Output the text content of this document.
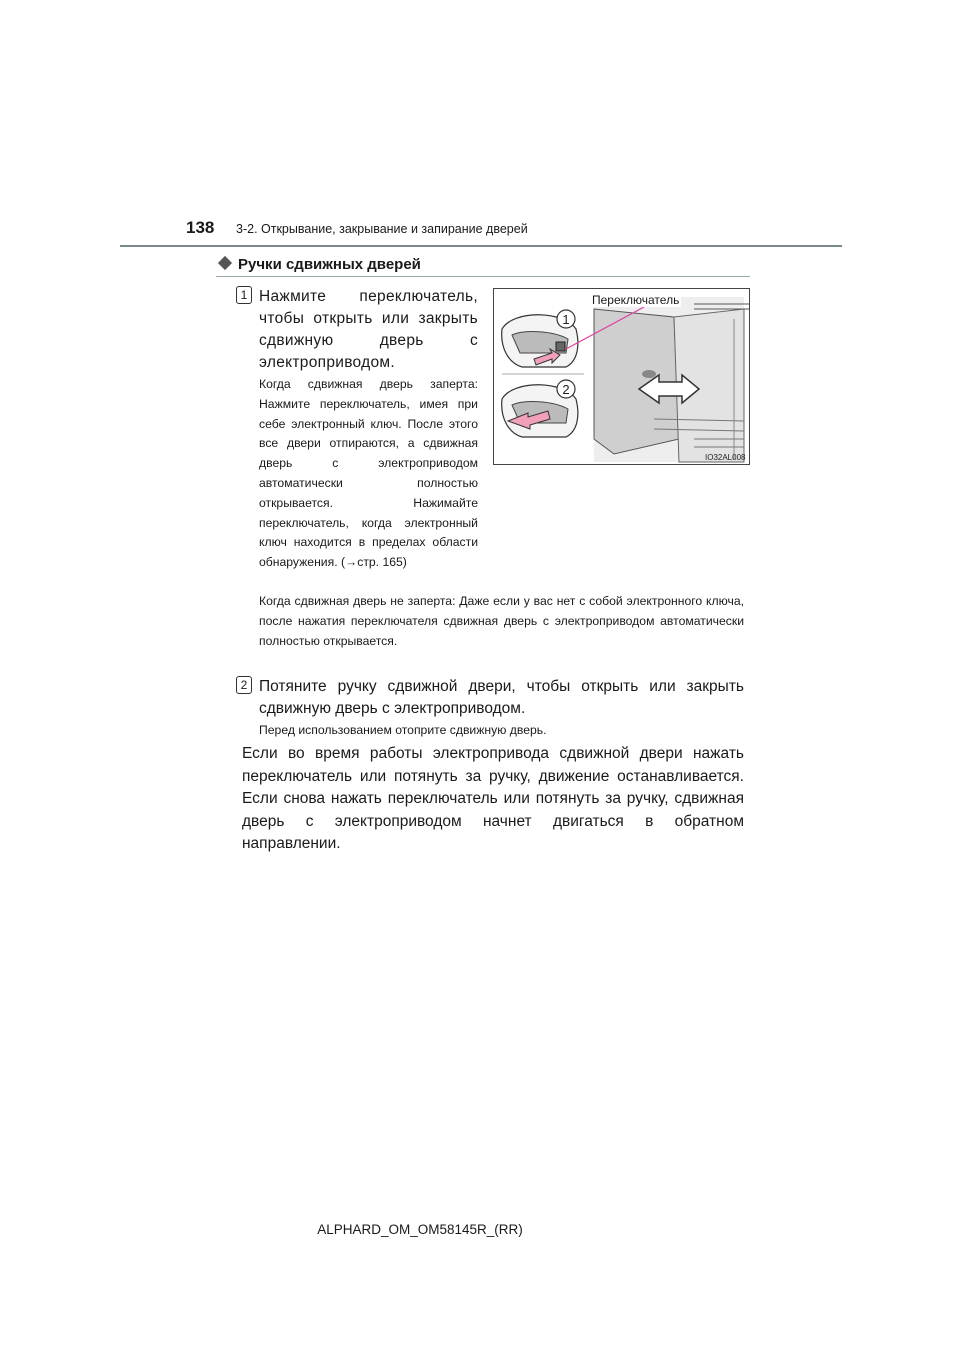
138 3-2. Открывание, закрывание и запирание дверей
Ручки сдвижных дверей
1 Нажмите переключатель, чтобы открыть или закрыть сдвижную дверь с электроприводом.
Когда сдвижная дверь заперта: Нажмите переключатель, имея при себе электронный ключ. После этого все двери отпираются, а сдвижная дверь с электроприводом автоматически полностью открывается. Нажимайте переключатель, когда электронный ключ находится в пределах области обнаружения. (→стр. 165)
Когда сдвижная дверь не заперта: Даже если у вас нет с собой электронного ключа, после нажатия переключателя сдвижная дверь с электроприводом автоматически полностью открывается.
1
2
Переключатель
IO32AL008
2 Потяните ручку сдвижной двери, чтобы открыть или закрыть сдвижную дверь с электроприводом.
Перед использованием отоприте сдвижную дверь.
Если во время работы электропривода сдвижной двери нажать переключатель или потянуть за ручку, движение останавливается. Если снова нажать переключатель или потянуть за ручку, сдвижная дверь с электроприводом начнет двигаться в обратном направлении.
ALPHARD_OM_OM58145R_(RR)
